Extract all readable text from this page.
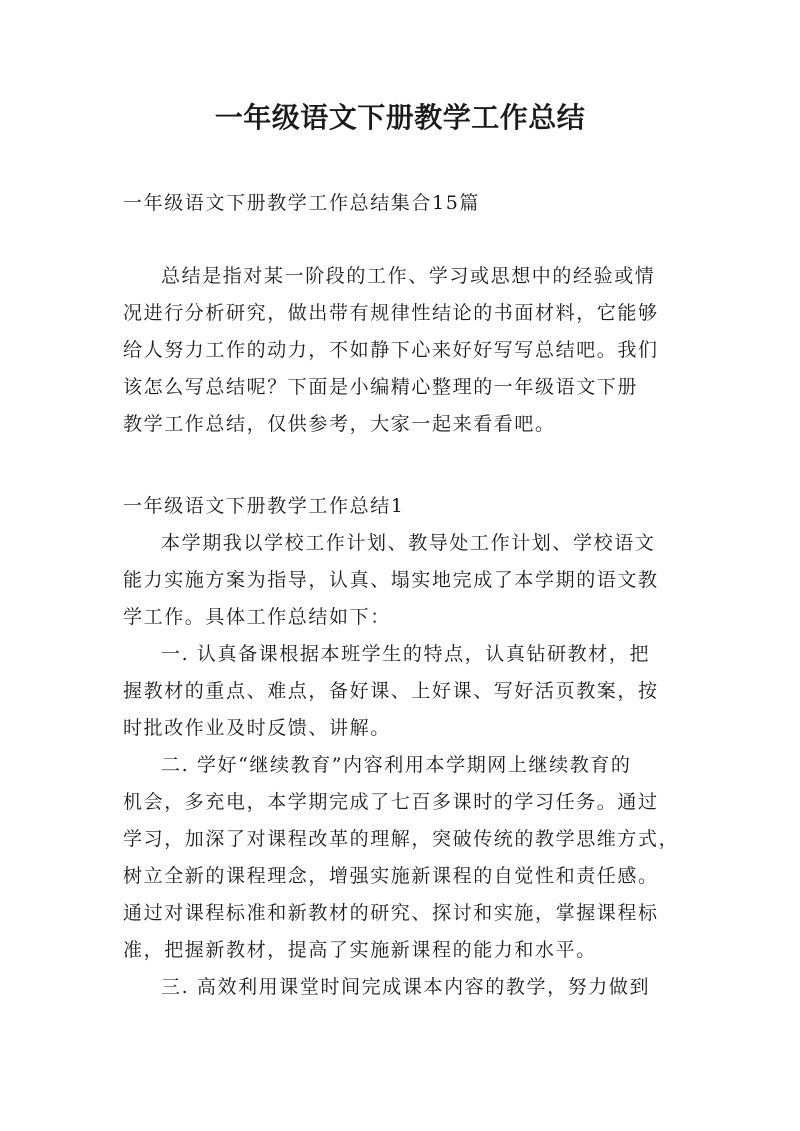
一年级语文下册教学工作总结

一年级语文下册教学工作总结集合15篇

总结是指对某一阶段的工作、学习或思想中的经验或情

况进行分析研究，做出带有规律性结论的书面材料，它能够

给人努力工作的动力，不如静下心来好好写写总结吧。我们

该怎么写总结呢？下面是小编精心整理的一年级语文下册

教学工作总结，仅供参考，大家一起来看看吧。

一年级语文下册教学工作总结1

本学期我以学校工作计划、教导处工作计划、学校语文

能力实施方案为指导，认真、塌实地完成了本学期的语文教

学工作。具体工作总结如下：

一. 认真备课根据本班学生的特点，认真钻研教材，把

握教材的重点、难点，备好课、上好课、写好活页教案，按

时批改作业及时反馈、讲解。

二. 学好“继续教育”内容利用本学期网上继续教育的

机会，多充电，本学期完成了七百多课时的学习任务。通过

学习，加深了对课程改革的理解，突破传统的教学思维方式，

树立全新的课程理念，增强实施新课程的自觉性和责任感。

通过对课程标准和新教材的研究、探讨和实施，掌握课程标

准，把握新教材，提高了实施新课程的能力和水平。

三. 高效利用课堂时间完成课本内容的教学，努力做到
